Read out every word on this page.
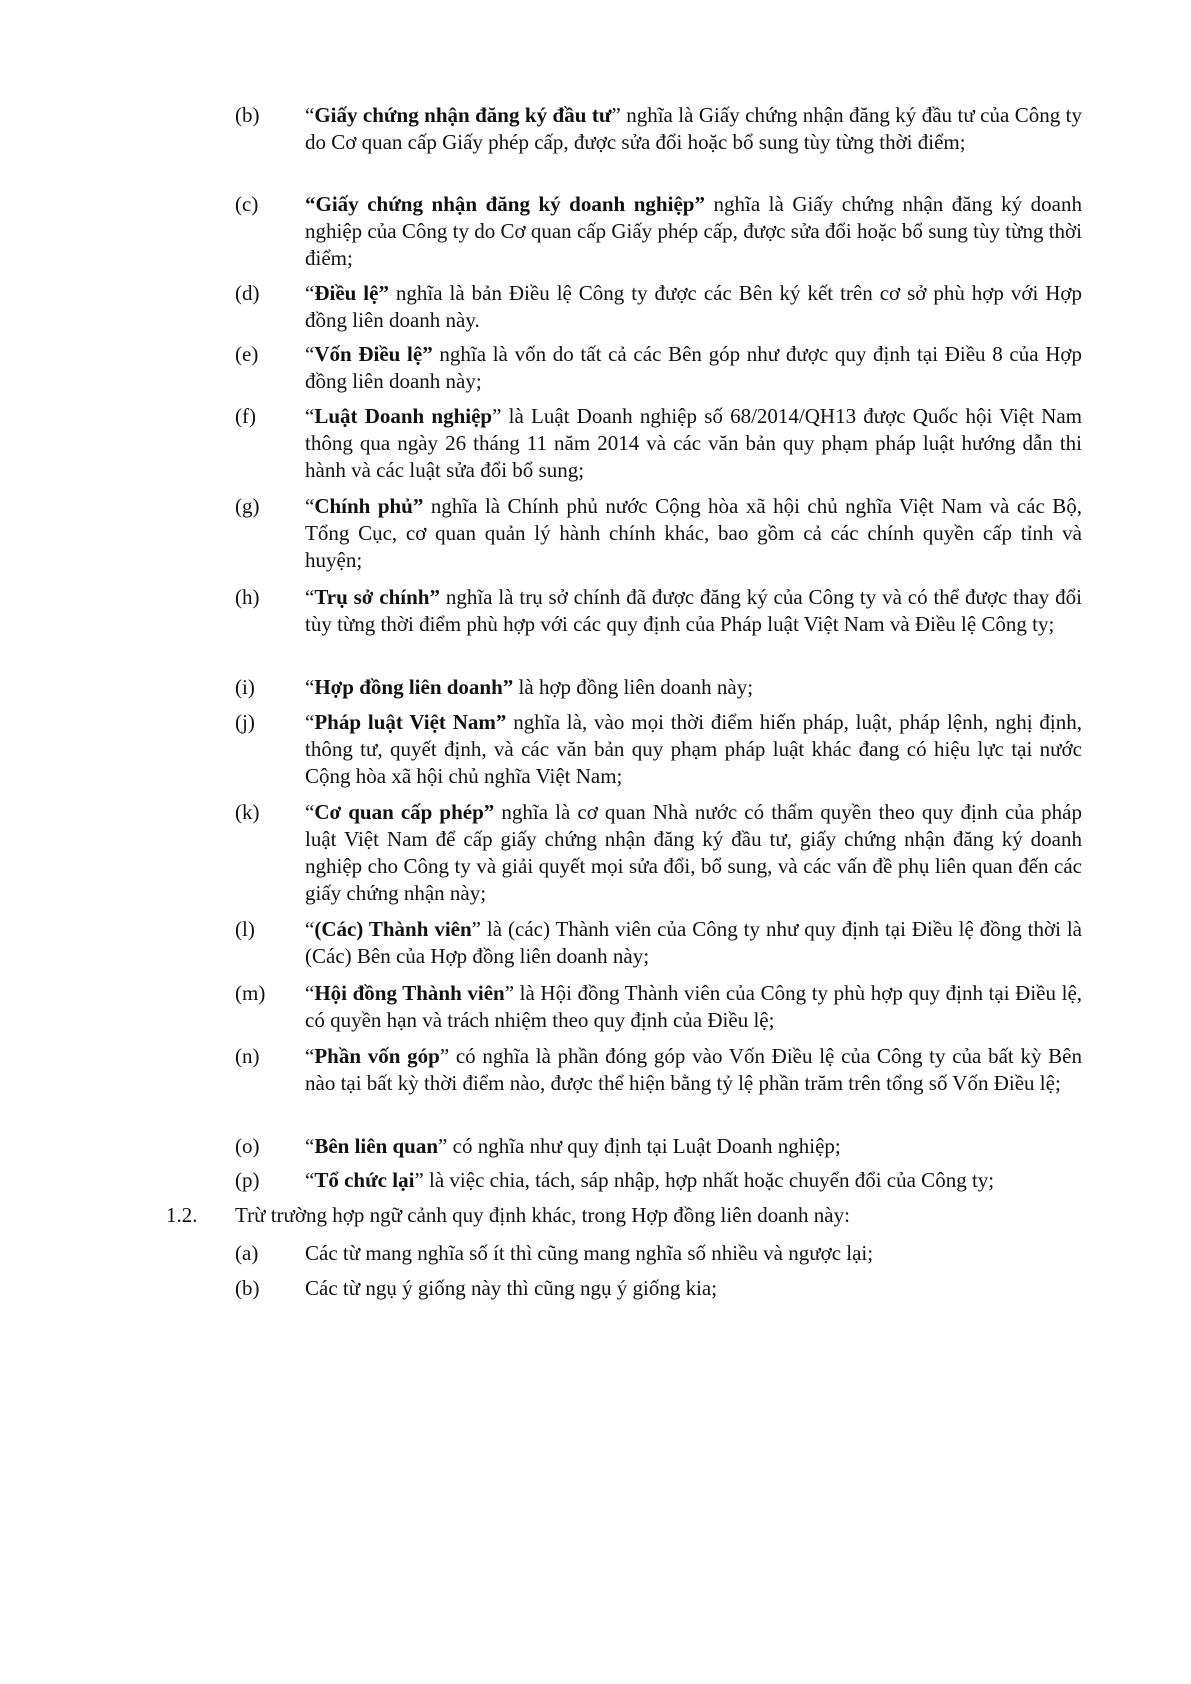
(b) “Giấy chứng nhận đăng ký đầu tư” nghĩa là Giấy chứng nhận đăng ký đầu tư của Công ty do Cơ quan cấp Giấy phép cấp, được sửa đổi hoặc bổ sung tùy từng thời điểm;
(c) “Giấy chứng nhận đăng ký doanh nghiệp” nghĩa là Giấy chứng nhận đăng ký doanh nghiệp của Công ty do Cơ quan cấp Giấy phép cấp, được sửa đổi hoặc bổ sung tùy từng thời điểm;
(d) “Điều lệ” nghĩa là bản Điều lệ Công ty được các Bên ký kết trên cơ sở phù hợp với Hợp đồng liên doanh này.
(e) “Vốn Điều lệ” nghĩa là vốn do tất cả các Bên góp như được quy định tại Điều 8 của Hợp đồng liên doanh này;
(f) “Luật Doanh nghiệp” là Luật Doanh nghiệp số 68/2014/QH13 được Quốc hội Việt Nam thông qua ngày 26 tháng 11 năm 2014 và các văn bản quy phạm pháp luật hướng dẫn thi hành và các luật sửa đổi bổ sung;
(g) “Chính phủ” nghĩa là Chính phủ nước Cộng hòa xã hội chủ nghĩa Việt Nam và các Bộ, Tổng Cục, cơ quan quản lý hành chính khác, bao gồm cả các chính quyền cấp tỉnh và huyện;
(h) “Trụ sở chính” nghĩa là trụ sở chính đã được đăng ký của Công ty và có thể được thay đổi tùy từng thời điểm phù hợp với các quy định của Pháp luật Việt Nam và Điều lệ Công ty;
(i) “Hợp đồng liên doanh” là hợp đồng liên doanh này;
(j) “Pháp luật Việt Nam” nghĩa là, vào mọi thời điểm hiến pháp, luật, pháp lệnh, nghị định, thông tư, quyết định, và các văn bản quy phạm pháp luật khác đang có hiệu lực tại nước Cộng hòa xã hội chủ nghĩa Việt Nam;
(k) “Cơ quan cấp phép” nghĩa là cơ quan Nhà nước có thẩm quyền theo quy định của pháp luật Việt Nam để cấp giấy chứng nhận đăng ký đầu tư, giấy chứng nhận đăng ký doanh nghiệp cho Công ty và giải quyết mọi sửa đổi, bổ sung, và các vấn đề phụ liên quan đến các giấy chứng nhận này;
(l) “(Các) Thành viên” là (các) Thành viên của Công ty như quy định tại Điều lệ đồng thời là (Các) Bên của Hợp đồng liên doanh này;
(m) “Hội đồng Thành viên” là Hội đồng Thành viên của Công ty phù hợp quy định tại Điều lệ, có quyền hạn và trách nhiệm theo quy định của Điều lệ;
(n) “Phần vốn góp” có nghĩa là phần đóng góp vào Vốn Điều lệ của Công ty của bất kỳ Bên nào tại bất kỳ thời điểm nào, được thể hiện bằng tỷ lệ phần trăm trên tổng số Vốn Điều lệ;
(o) “Bên liên quan” có nghĩa như quy định tại Luật Doanh nghiệp;
(p) “Tổ chức lại” là việc chia, tách, sáp nhập, hợp nhất hoặc chuyển đổi của Công ty;
1.2. Trừ trường hợp ngữ cảnh quy định khác, trong Hợp đồng liên doanh này:
(a) Các từ mang nghĩa số ít thì cũng mang nghĩa số nhiều và ngược lại;
(b) Các từ ngụ ý giống này thì cũng ngụ ý giống kia;
